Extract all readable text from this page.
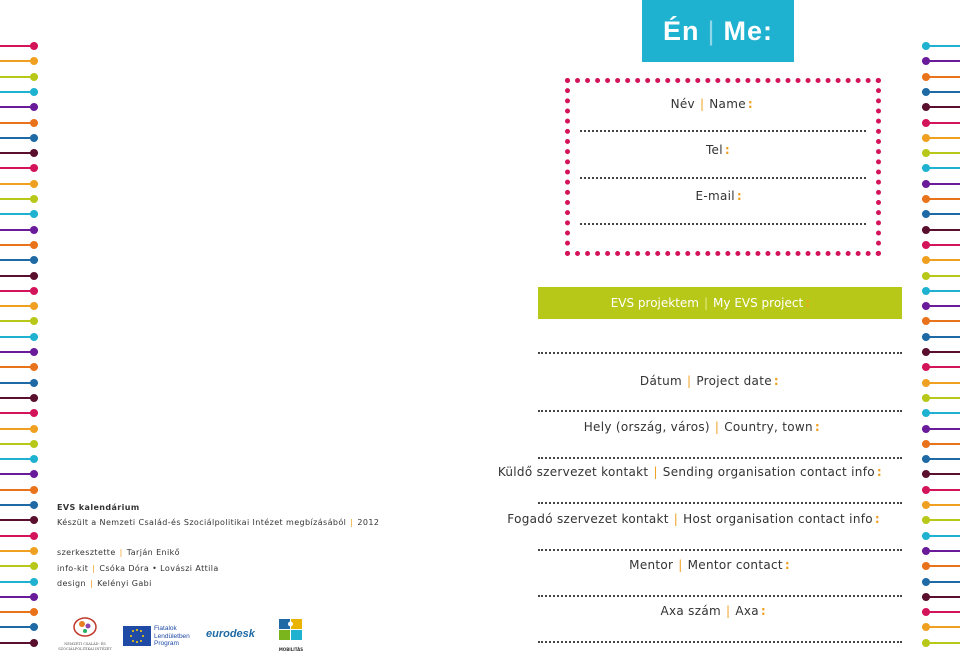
Én | Me:
Név | Name :
Tel :
E-mail :
EVS projektem | My EVS project :
Dátum | Project date :
Hely (ország, város) | Country, town :
Küldő szervezet kontakt | Sending organisation contact info :
Fogadó szervezet kontakt | Host organisation contact info :
Mentor | Mentor contact :
Axa szám | Axa :
EVS kalendárium
Készült a Nemzeti Család-és Szociálpolitikai Intézet megbízásából | 2012
szerkesztette | Tarján Enikő
info-kit | Csóka Dóra • Lovászi Attila
design | Kelényi Gabi
NEMZETI CSALÁD- ÉS SZOCIÁLPOLITIKAI INTÉZET
Fiatalok
Lendületben
Program
eurodesk
MOBILITÁS
